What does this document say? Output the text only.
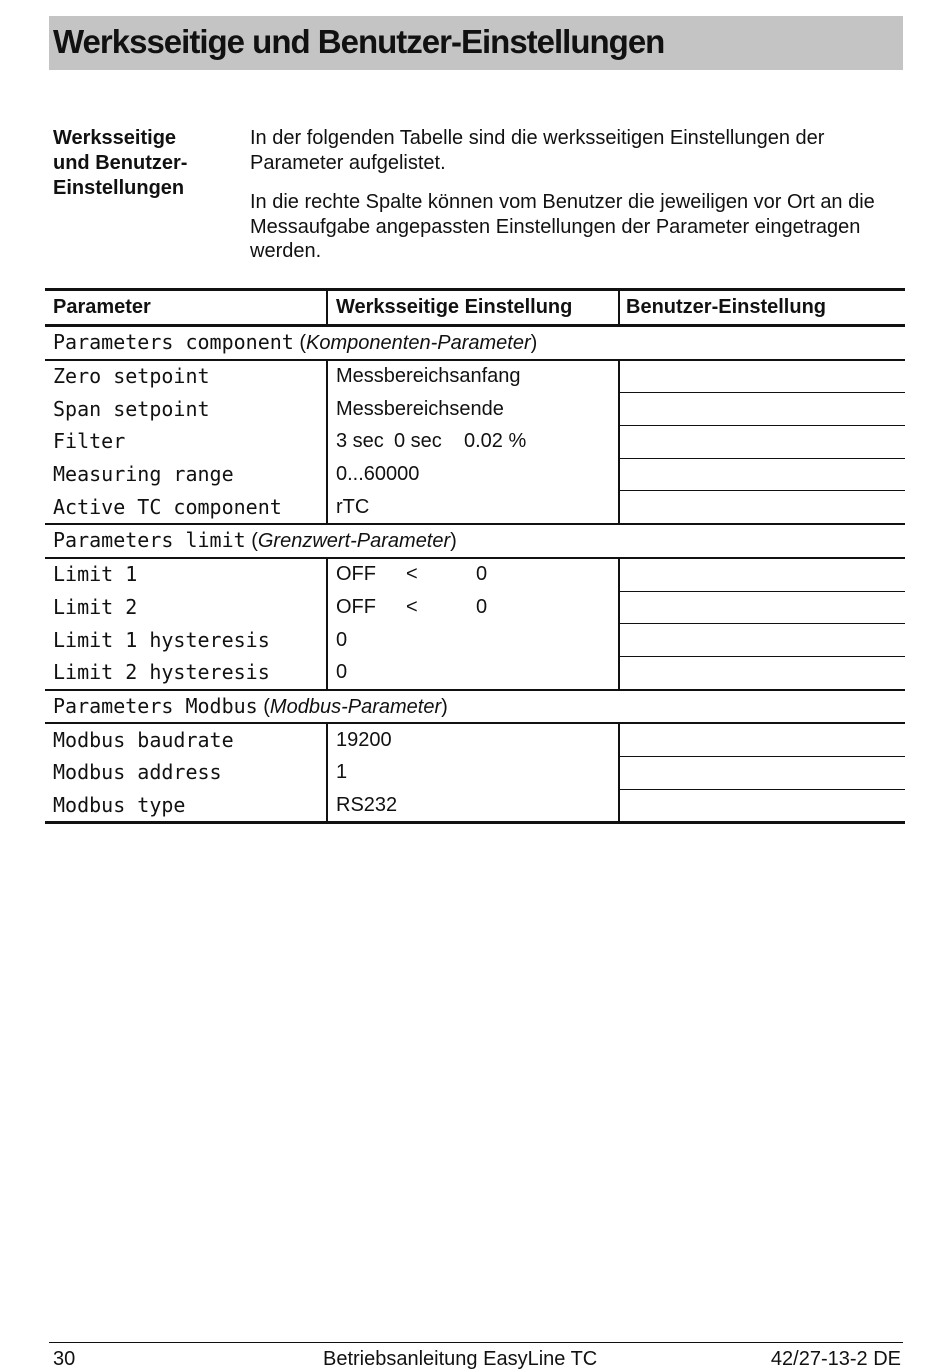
Werksseitige und Benutzer-Einstellungen
Werksseitige
und Benutzer-
Einstellungen

In der folgenden Tabelle sind die werksseitigen Einstellungen der Parameter aufgelistet.

In die rechte Spalte können vom Benutzer die jeweiligen vor Ort an die Messaufgabe angepassten Einstellungen der Parameter eingetragen werden.

Parameter	Werksseitige Einstellung	Benutzer-Einstellung
Parameters component (Komponenten-Parameter)		
Zero setpoint	Messbereichsanfang	
Span setpoint	Messbereichsende	
Filter	3 sec 0 sec 0.02 %	
Measuring range	0...60000	
Active TC component	rTC	
Parameters limit (Grenzwert-Parameter)		
Limit 1	OFF < 0	
Limit 2	OFF < 0	
Limit 1 hysteresis	0	
Limit 2 hysteresis	0	
Parameters Modbus (Modbus-Parameter)		
Modbus baudrate	19200	
Modbus address	1	
Modbus type	RS232	
30	Betriebsanleitung EasyLine TC	42/27-13-2 DE
